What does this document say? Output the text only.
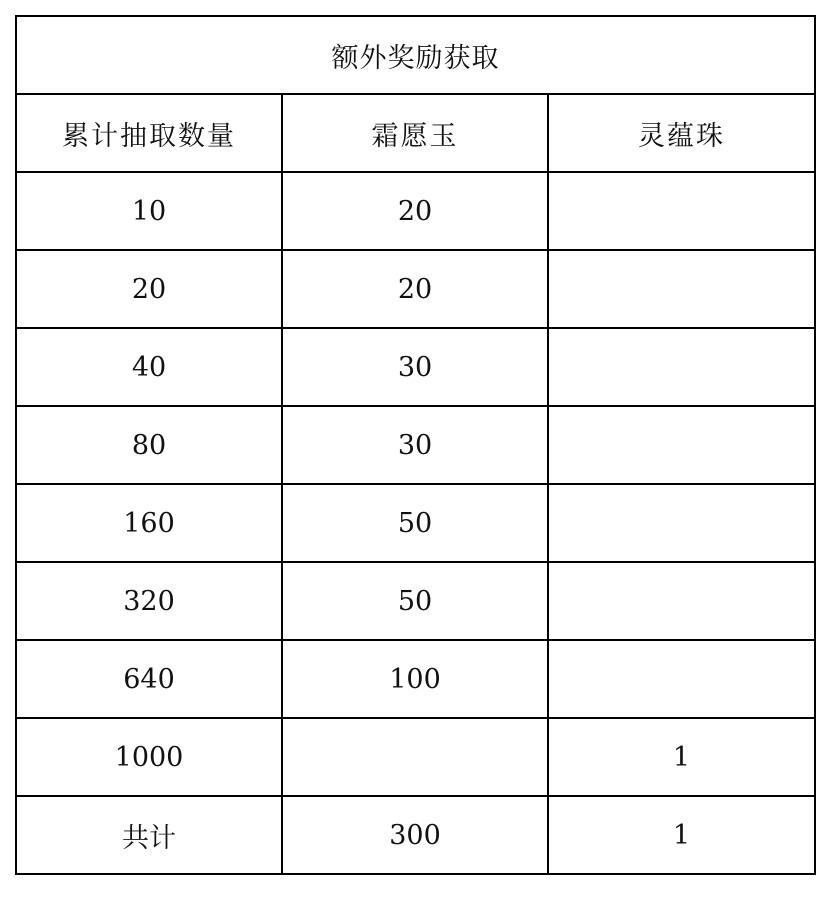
额外奖励获取		
累计抽取数量	霜愿玉	灵蕴珠
10	20	
20	20	
40	30	
80	30	
160	50	
320	50	
640	100	
1000		1
共计	300	1
